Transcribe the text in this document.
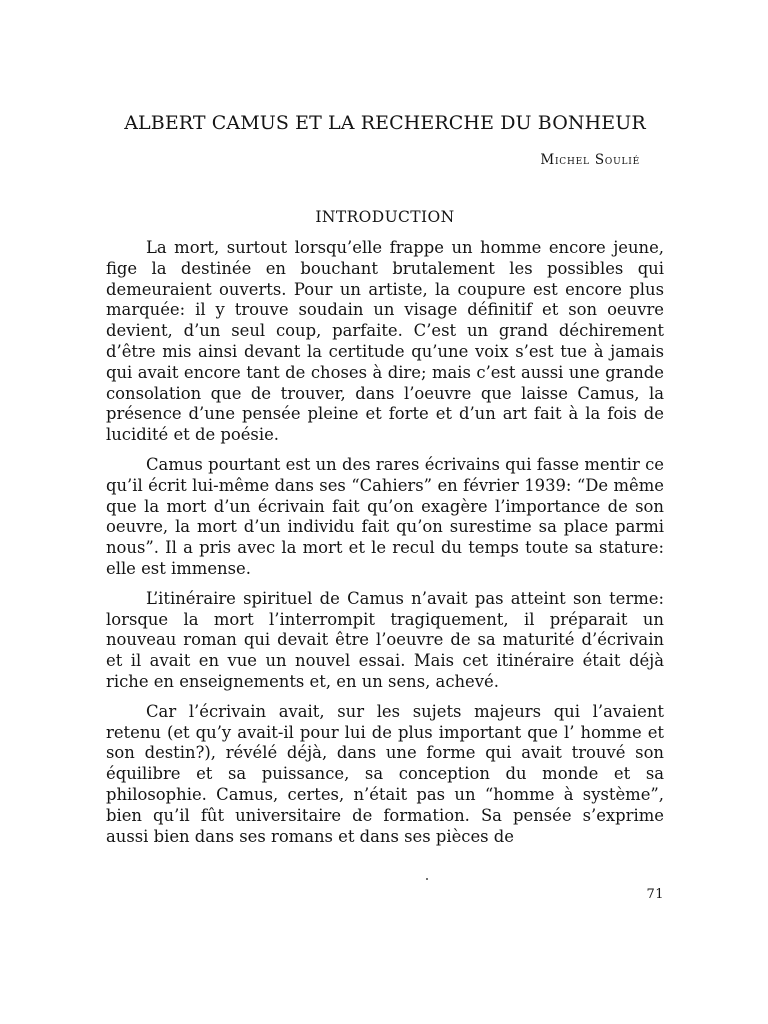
ALBERT CAMUS ET LA RECHERCHE DU BONHEUR
Michel Soulié
INTRODUCTION

La mort, surtout lorsqu’elle frappe un homme encore jeune, fige la destinée en bouchant brutalement les possibles qui demeuraient ouverts. Pour un artiste, la coupure est encore plus marquée: il y trouve soudain un visage définitif et son oeuvre devient, d’un seul coup, parfaite. C’est un grand déchirement d’être mis ainsi devant la certitude qu’une voix s’est tue à jamais qui avait encore tant de choses à dire; mais c’est aussi une grande consolation que de trouver, dans l’oeuvre que laisse Camus, la présence d’une pensée pleine et forte et d’un art fait à la fois de lucidité et de poésie.

Camus pourtant est un des rares écrivains qui fasse mentir ce qu’il écrit lui-même dans ses “Cahiers” en février 1939: “De même que la mort d’un écrivain fait qu’on exagère l’importance de son oeuvre, la mort d’un individu fait qu’on surestime sa place parmi nous”. Il a pris avec la mort et le recul du temps toute sa stature: elle est immense.

L’itinéraire spirituel de Camus n’avait pas atteint son terme: lorsque la mort l’interrompit tragiquement, il préparait un nouveau roman qui devait être l’oeuvre de sa maturité d’écrivain et il avait en vue un nouvel essai. Mais cet itinéraire était déjà riche en enseignements et, en un sens, achevé.

Car l’écrivain avait, sur les sujets majeurs qui l’avaient retenu (et qu’y avait-il pour lui de plus important que l’ homme et son destin?), révélé déjà, dans une forme qui avait trouvé son équilibre et sa puissance, sa conception du monde et sa philosophie. Camus, certes, n’était pas un “homme à système”, bien qu’il fût universitaire de formation. Sa pensée s’exprime aussi bien dans ses romans et dans ses pièces de

71
